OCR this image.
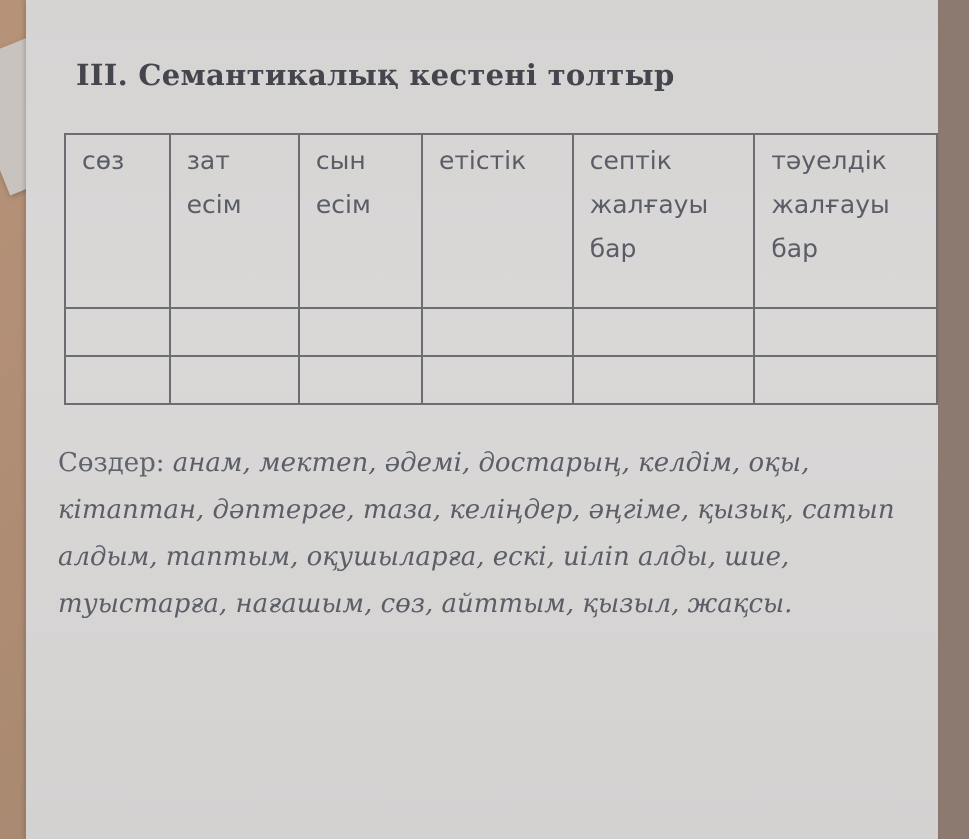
III. Семантикалық кестені толтыр
сөз	зат есім	сын есім	етістік	септік жалғауы бар	тәуелдік жалғауы бар

Сөздер: анам, мектеп, әдемі, достарың, келдім, оқы, кітаптан, дәптерге, таза, келіңдер, әңгіме, қызық, сатып алдым, таптым, оқушыларға, ескі, иіліп алды, шие, туыстарға, нағашым, сөз, айттым, қызыл, жақсы.
